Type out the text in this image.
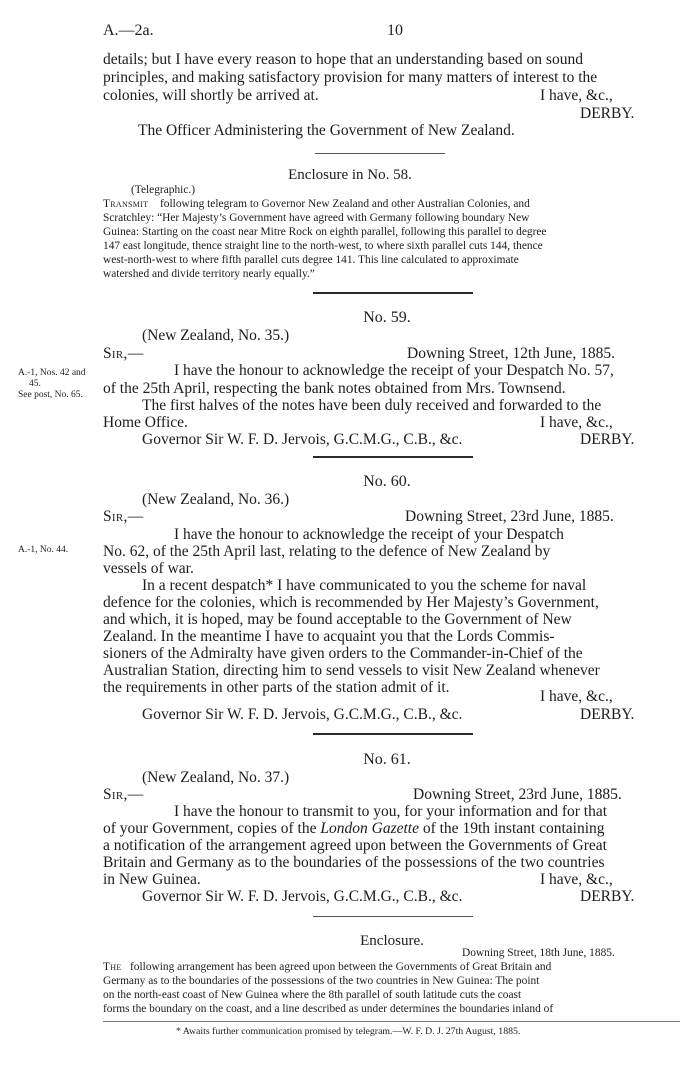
A.—2a.	10
details; but I have every reason to hope that an understanding based on sound
principles, and making satisfactory provision for many matters of interest to the
colonies, will shortly be arrived at.	I have, &c.,
DERBY.
The Officer Administering the Government of New Zealand.
Enclosure in No. 58.
(Telegraphic.)
Transmit following telegram to Governor New Zealand and other Australian Colonies, and
Scratchley: “Her Majesty’s Government have agreed with Germany following boundary New
Guinea: Starting on the coast near Mitre Rock on eighth parallel, following this parallel to degree
147 east longitude, thence straight line to the north-west, to where sixth parallel cuts 144, thence
west-north-west to where fifth parallel cuts degree 141. This line calculated to approximate
watershed and divide territory nearly equally.”
No. 59.
(New Zealand, No. 35.)
Sir,—	Downing Street, 12th June, 1885.
A.-1, Nos. 42 and
45.
See post, No. 65.
I have the honour to acknowledge the receipt of your Despatch No. 57,
of the 25th April, respecting the bank notes obtained from Mrs. Townsend.
The first halves of the notes have been duly received and forwarded to the
Home Office.	I have, &c.,
Governor Sir W. F. D. Jervois, G.C.M.G., C.B., &c.	DERBY.
No. 60.
(New Zealand, No. 36.)
Sir,—	Downing Street, 23rd June, 1885.
A.-1, No. 44.
I have the honour to acknowledge the receipt of your Despatch
No. 62, of the 25th April last, relating to the defence of New Zealand by
vessels of war.
In a recent despatch* I have communicated to you the scheme for naval
defence for the colonies, which is recommended by Her Majesty’s Government,
and which, it is hoped, may be found acceptable to the Government of New
Zealand. In the meantime I have to acquaint you that the Lords Commis-
sioners of the Admiralty have given orders to the Commander-in-Chief of the
Australian Station, directing him to send vessels to visit New Zealand whenever
the requirements in other parts of the station admit of it.
I have, &c.,
Governor Sir W. F. D. Jervois, G.C.M.G., C.B., &c.	DERBY.
No. 61.
(New Zealand, No. 37.)
Sir,—	Downing Street, 23rd June, 1885.
I have the honour to transmit to you, for your information and for that
of your Government, copies of the London Gazette of the 19th instant containing
a notification of the arrangement agreed upon between the Governments of Great
Britain and Germany as to the boundaries of the possessions of the two countries
in New Guinea.	I have, &c.,
Governor Sir W. F. D. Jervois, G.C.M.G., C.B., &c.	DERBY.
Enclosure.
Downing Street, 18th June, 1885.
The following arrangement has been agreed upon between the Governments of Great Britain and
Germany as to the boundaries of the possessions of the two countries in New Guinea: The point
on the north-east coast of New Guinea where the 8th parallel of south latitude cuts the coast
forms the boundary on the coast, and a line described as under determines the boundaries inland of
* Awaits further communication promised by telegram.—W. F. D. J. 27th August, 1885.
